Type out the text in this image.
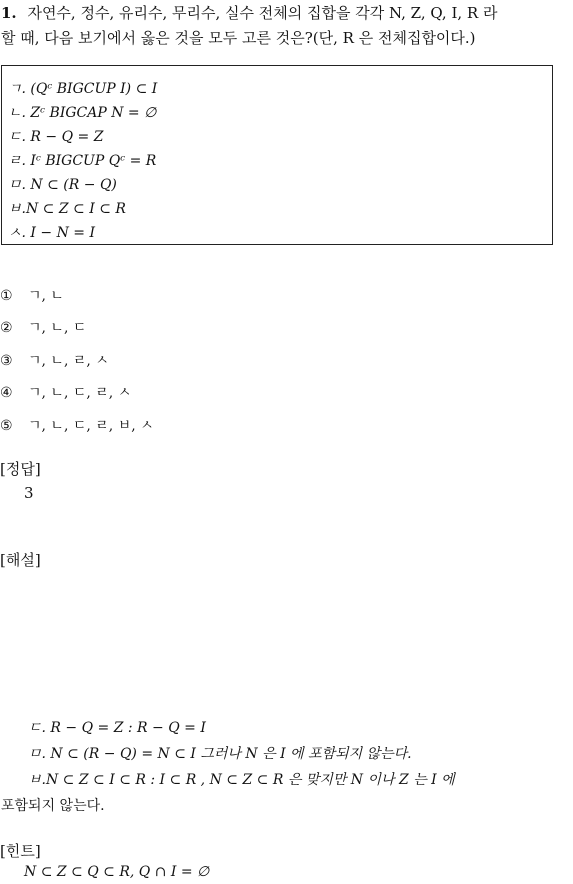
1. 자연수, 정수, 유리수, 무리수, 실수 전체의 집합을 각각 N, Z, Q, I, R 라
할 때, 다음 보기에서 옳은 것을 모두 고른 것은?(단, R 은 전체집합이다.)
ㄱ. (Qᶜ BIGCUP I) ⊂ I
ㄴ. Zᶜ BIGCAP N = ∅
ㄷ. R − Q = Z
ㄹ. Iᶜ BIGCUP Qᶜ = R
ㅁ. N ⊂ (R − Q)
ㅂ.N ⊂ Z ⊂ I ⊂ R
ㅅ. I − N = I
① ㄱ, ㄴ
② ㄱ, ㄴ, ㄷ
③ ㄱ, ㄴ, ㄹ, ㅅ
④ ㄱ, ㄴ, ㄷ, ㄹ, ㅅ
⑤ ㄱ, ㄴ, ㄷ, ㄹ, ㅂ, ㅅ
[정답]
3
[해설]
ㄷ. R − Q = Z : R − Q = I
ㅁ. N ⊂ (R − Q) = N ⊂ I 그러나 N 은 I 에 포함되지 않는다.
ㅂ.N ⊂ Z ⊂ I ⊂ R : I ⊂ R , N ⊂ Z ⊂ R 은 맞지만 N 이나 Z 는 I 에
포함되지 않는다.
[힌트]
N ⊂ Z ⊂ Q ⊂ R, Q ∩ I = ∅
